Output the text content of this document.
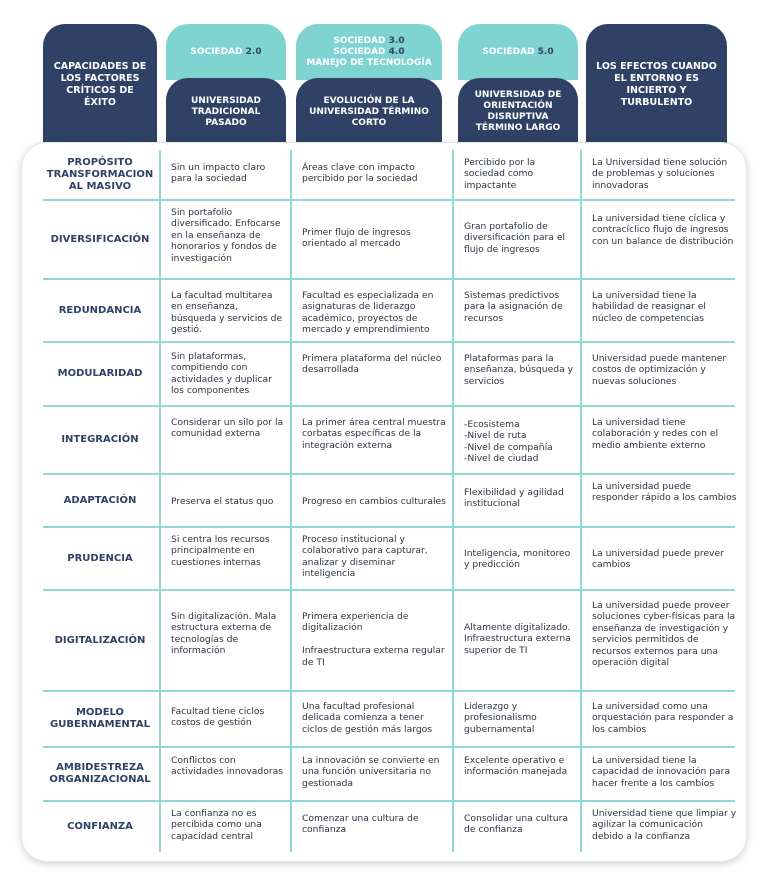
CAPACIDADES DE LOS FACTORES CRÍTICOS DE ÉXITO
SOCIEDAD 2.0
UNIVERSIDAD TRADICIONAL PASADO
SOCIEDAD 3.0
SOCIEDAD 4.0
MANEJO DE TECNOLOGÍA
EVOLUCIÓN DE LA UNIVERSIDAD TÉRMINO CORTO
SOCIEDAD 5.0
UNIVERSIDAD DE ORIENTACIÓN DISRUPTIVA TÉRMINO LARGO
LOS EFECTOS CUANDO EL ENTORNO ES INCIERTO Y TURBULENTO
PROPÓSITO TRANSFORMACION AL MASIVO
Sin un impacto claro para la sociedad
Áreas clave con impacto percibido por la sociedad
Percibido por la sociedad como impactante
La Universidad tiene solución de problemas y soluciones innovadoras
DIVERSIFICACIÓN
Sin portafolio diversificado. Enfocarse en la enseñanza de honorarios y fondos de investigación
Primer flujo de ingresos orientado al mercado
Gran portafolio de diversificación para el flujo de ingresos
La universidad tiene cíclica y contracíclico flujo de ingresos con un balance de distribución
REDUNDANCIA
La facultad multitarea en enseñanza, búsqueda y servicios de gestió.
Facultad es especializada en asignaturas de liderazgo académico, proyectos de mercado y emprendimiento
Sistemas predictivos para la asignación de recursos
La universidad tiene la habilidad de reasignar el núcleo de competencias
MODULARIDAD
Sin plataformas, compitiendo con actividades y duplicar los componentes
Primera plataforma del núcleo desarrollada
Plataformas para la enseñanza, búsqueda y servicios
Universidad puede mantener costos de optimización y nuevas soluciones
INTEGRACIÓN
Considerar un silo por la comunidad externa
La primer área central muestra corbatas específicas de la integración externa
-Ecosistema
-Nivel de ruta
-Nivel de compañía
-Nivel de ciudad
La universidad tiene colaboración y redes con el medio ambiente externo
ADAPTACIÓN	Preserva el status quo	Progreso en cambios culturales
Flexibilidad y agilidad institucional
La universidad puede responder rápido a los cambios
PRUDENCIA
Si centra los recursos principalmente en cuestiones internas
Proceso institucional y colaborativo para capturar, analizar y diseminar inteligencia
Inteligencia, monitoreo y predicción
La universidad puede prever cambios
DIGITALIZACIÓN
Sin digitalización. Mala estructura externa de tecnologías de información
Primera experiencia de digitalización

Infraestructura externa regular de TI
Altamente digitalizado. Infraestructura externa superior de TI
La universidad puede proveer soluciones cyber-físicas para la enseñanza de investigación y servicios permitidos de recursos externos para una operación digital
MODELO GUBERNAMENTAL
Facultad tiene ciclos costos de gestión
Una facultad profesional delicada comienza a tener ciclos de gestión más largos
Liderazgo y profesionalismo gubernamental
La universidad como una orquestación para responder a los cambios
AMBIDESTREZA ORGANIZACIONAL
Conflictos con actividades innovadoras
La innovación se convierte en una función universitaria no gestionada
Excelente operativo e información manejada
La universidad tiene la capacidad de innovación para hacer frente a los cambios
CONFIANZA
La confianza no es percibida como una capacidad central
Comenzar una cultura de confianza
Consolidar una cultura de confianza
Universidad tiene que limpiar y agilizar la comunicación debido a la confianza
